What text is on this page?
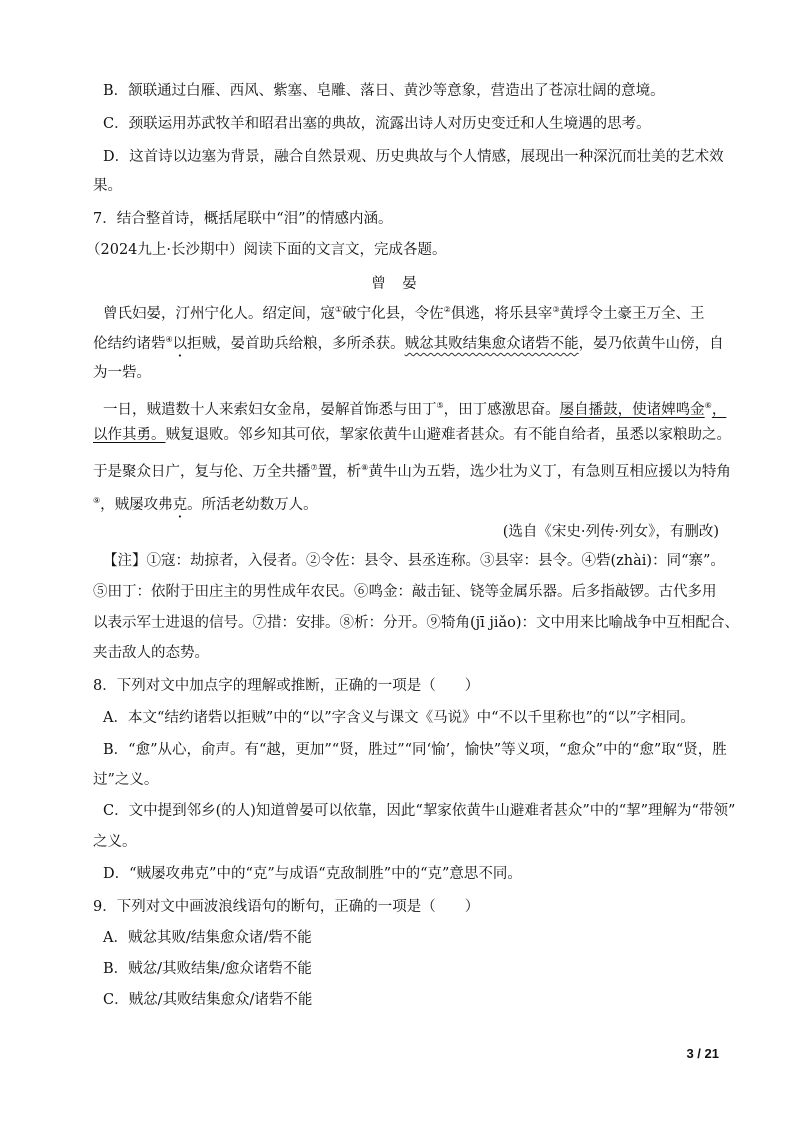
B．颔联通过白雁、西风、紫塞、皂雕、落日、黄沙等意象，营造出了苍凉壮阔的意境。
C．颈联运用苏武牧羊和昭君出塞的典故，流露出诗人对历史变迁和人生境遇的思考。
D．这首诗以边塞为背景，融合自然景观、历史典故与个人情感，展现出一种深沉而壮美的艺术效
果。
7．结合整首诗，概括尾联中“泪”的情感内涵。
（2024九上·长沙期中）阅读下面的文言文，完成各题。
曾 晏
曾氏妇晏，汀州宁化人。绍定间，寇①破宁化县，令佐②俱逃，将乐县宰③黄垺令土豪王万全、王
伦结约诸砦④以拒贼，晏首助兵给粮，多所杀获。贼忿其败结集愈众诸砦不能，晏乃依黄牛山傍，自
为一砦。
一日，贼遣数十人来索妇女金帛，晏解首饰悉与田丁⑤，田丁感激思奋。屡自播鼓，使诸婢鸣金⑥，
以作其勇。贼复退败。邻乡知其可依，挈家依黄牛山避难者甚众。有不能自给者，虽悉以家粮助之。
于是聚众日广，复与伦、万全共播⑦置，析⑧黄牛山为五砦，选少壮为义丁，有急则互相应援以为特角
⑨，贼屡攻弗克。所活老幼数万人。
(选自《宋史·列传·列女》，有删改)
【注】①寇：劫掠者，入侵者。②令佐：县令、县丞连称。③县宰：县令。④砦(zhài)：同“寨”。
⑤田丁：依附于田庄主的男性成年农民。⑥鸣金：敲击钲、铙等金属乐器。后多指敲锣。古代多用
以表示军士进退的信号。⑦措：安排。⑧析：分开。⑨犄角(jī jiǎo)：文中用来比喻战争中互相配合、
夹击敌人的态势。
8．下列对文中加点字的理解或推断，正确的一项是（　　）
A．本文“结约诸砦以拒贼”中的“以”字含义与课文《马说》中“不以千里称也”的“以”字相同。
B．“愈”从心，俞声。有“越，更加”“贤，胜过”“同‘愉’，愉快”等义项，“愈众”中的“愈”取“贤，胜
过”之义。
C．文中提到邻乡(的人)知道曾晏可以依靠，因此“挈家依黄牛山避难者甚众”中的“挈”理解为“带领”
之义。
D．“贼屡攻弗克”中的“克”与成语“克敌制胜”中的“克”意思不同。
9．下列对文中画波浪线语句的断句，正确的一项是（　　）
A．贼忿其败/结集愈众诸/砦不能
B．贼忿/其败结集/愈众诸砦不能
C．贼忿/其败结集愈众/诸砦不能
3 / 21
